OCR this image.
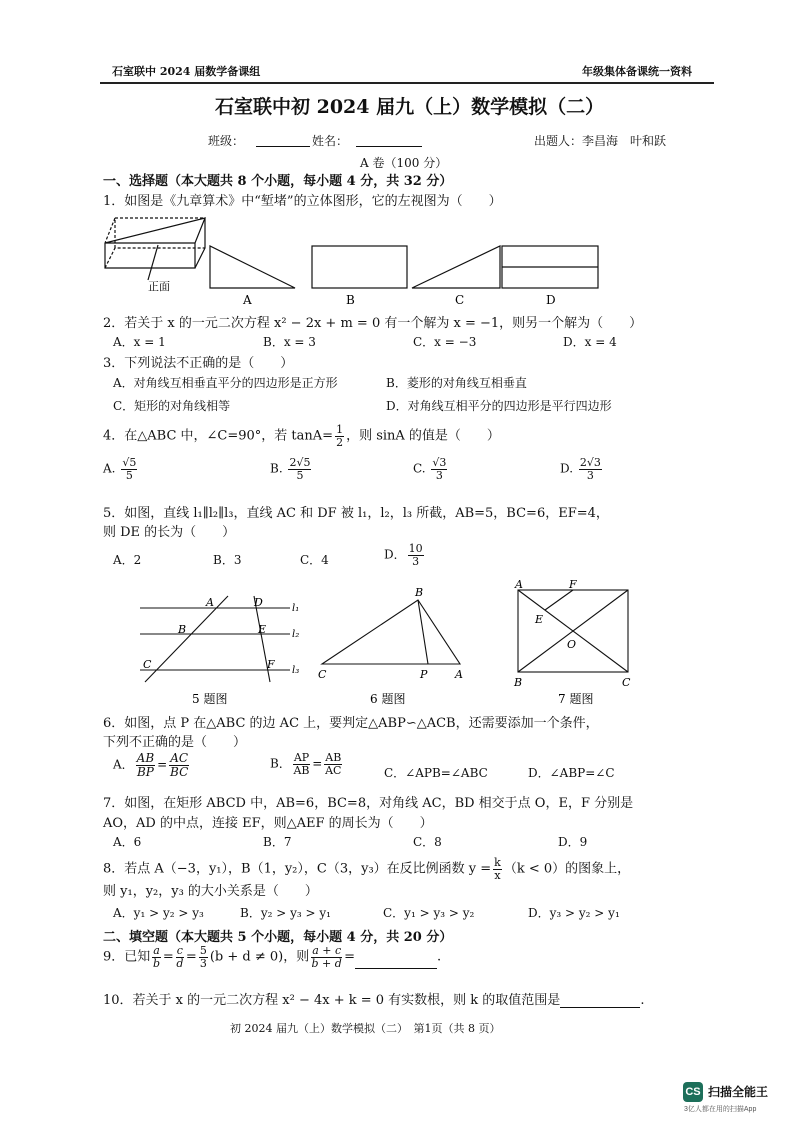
石室联中 2024 届数学备课组	年级集体备课统一资料
石室联中初 2024 届九（上）数学模拟（二）
班级：	姓名：	出题人：李昌海　叶和跃
A 卷（100 分）
一、选择题（本大题共 8 个小题，每小题 4 分，共 32 分）
1．如图是《九章算术》中“堑堵”的立体图形，它的左视图为（　　）
正面
A	B	C	D
2．若关于 x 的一元二次方程 x² − 2x + m = 0 有一个解为 x = −1，则另一个解为（　　）
A．x = 1	B．x = 3	C．x = −3	D．x = 4
3．下列说法不正确的是（　　）
A．对角线互相垂直平分的四边形是正方形	B．菱形的对角线互相垂直
C．矩形的对角线相等	D．对角线互相平分的四边形是平行四边形
4．在△ABC 中，∠C=90°，若 $\tan A= \frac{1}{2}$ ，则 sinA 的值是（　　）
A. $\frac{√5}{5}$	B. $\frac{2√5}{5}$	C. $\frac{√3}{3}$	D. $\frac{2√3}{3}$
5．如图，直线 l₁∥l₂∥l₃，直线 AC 和 DF 被 l₁，l₂，l₃ 所截，AB=5，BC=6，EF=4，
则 DE 的长为（　　）
A．2	B．3	C．4	D． $\frac{10}{3}$
A	D
B	E
C	F
l₁
l₂
l₃
5 题图
B
C	P	A
6 题图
A	F
E
O
B	C
7 题图
6．如图，点 P 在△ABC 的边 AC 上，要判定△ABP∽△ACB，还需要添加一个条件，
下列不正确的是（　　）
A． $\frac{AB}{BP} = \frac{AC}{BC}$	B． $\frac{AP}{AB} = \frac{AB}{AC}$	C．∠APB=∠ABC	D．∠ABP=∠C
7．如图，在矩形 ABCD 中，AB=6，BC=8，对角线 AC，BD 相交于点 O，E，F 分别是
AO，AD 的中点，连接 EF，则△AEF 的周长为（　　）
A．6	B．7	C．8	D．9
8．若点 A（−3，y₁），B（1，y₂），C（3，y₃）在反比例函数 $y = \frac{k}{x} (k < 0)$的图象上，
则 y₁，y₂，y₃ 的大小关系是（　　）
A．y₁ > y₂ > y₃	B．y₂ > y₃ > y₁	C．y₁ > y₃ > y₂	D．y₃ > y₂ > y₁
二、填空题（本大题共 5 个小题，每小题 4 分，共 20 分）
9．已知 $\frac{a}{b} = \frac{c}{d} = \frac{5}{3} (b + d \ne 0)$，则 $\frac{a + c}{b + d}$ =	.
10．若关于 x 的一元二次方程 x² − 4x + k = 0 有实数根，则 k 的取值范围是	.
初 2024 届九（上）数学模拟（二）　第1页（共 8 页）
CS 扫描全能王
3亿人都在用的扫描App
